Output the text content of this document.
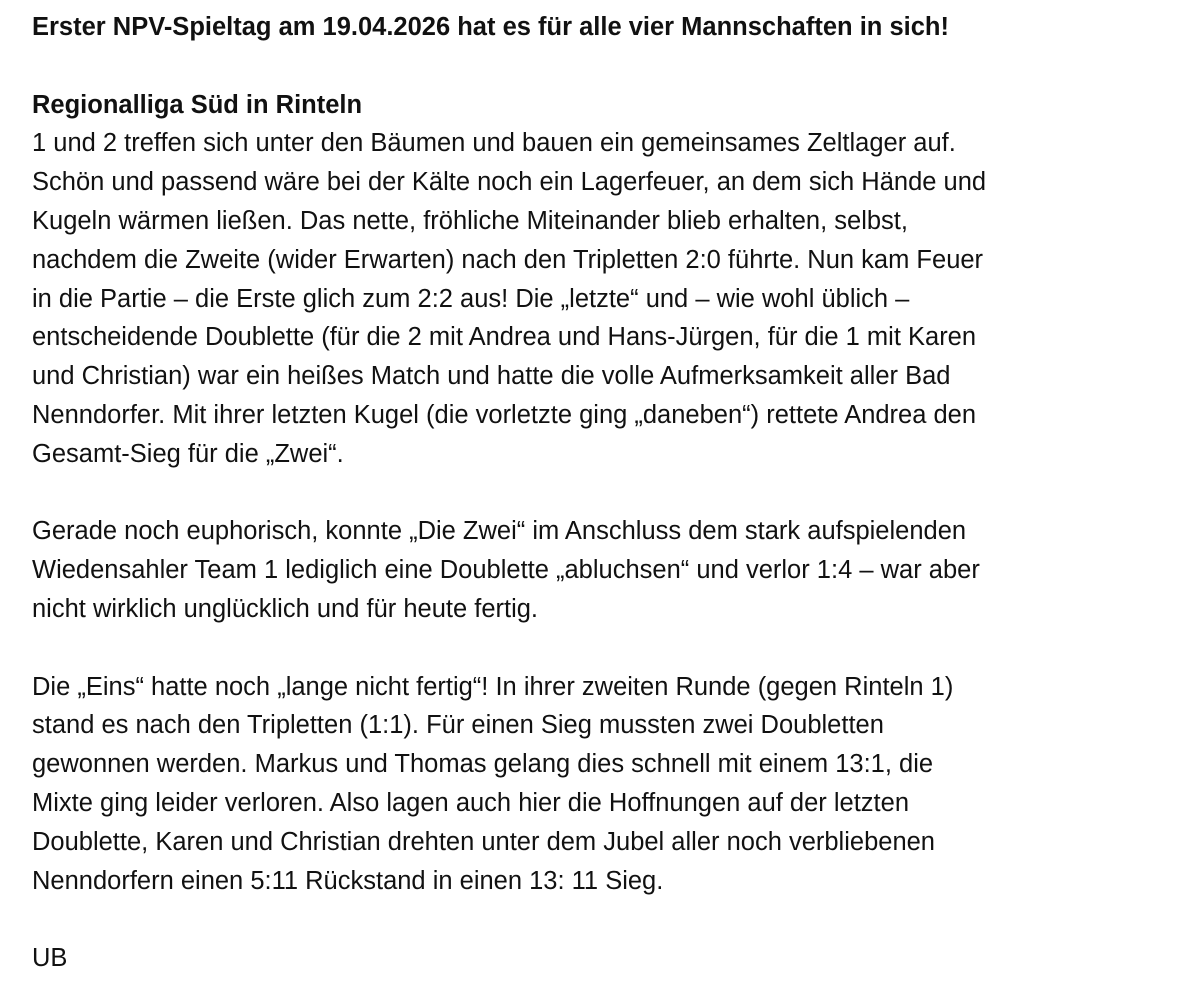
Erster NPV-Spieltag am 19.04.2026 hat es für alle vier Mannschaften in sich!
Regionalliga Süd in Rinteln

1 und 2 treffen sich unter den Bäumen und bauen ein gemeinsames Zeltlager auf.
Schön und passend wäre bei der Kälte noch ein Lagerfeuer, an dem sich Hände und
Kugeln wärmen ließen. Das nette, fröhliche Miteinander blieb erhalten, selbst,
nachdem die Zweite (wider Erwarten) nach den Tripletten 2:0 führte. Nun kam Feuer
in die Partie – die Erste glich zum 2:2 aus! Die „letzte“ und – wie wohl üblich –
entscheidende Doublette (für die 2 mit Andrea und Hans-Jürgen, für die 1 mit Karen
und Christian) war ein heißes Match und hatte die volle Aufmerksamkeit aller Bad
Nenndorfer. Mit ihrer letzten Kugel (die vorletzte ging „daneben“) rettete Andrea den
Gesamt-Sieg für die „Zwei“.

Gerade noch euphorisch, konnte „Die Zwei“ im Anschluss dem stark aufspielenden
Wiedensahler Team 1 lediglich eine Doublette „abluchsen“ und verlor 1:4 – war aber
nicht wirklich unglücklich und für heute fertig.

Die „Eins“ hatte noch „lange nicht fertig“! In ihrer zweiten Runde (gegen Rinteln 1)
stand es nach den Tripletten (1:1). Für einen Sieg mussten zwei Doubletten
gewonnen werden. Markus und Thomas gelang dies schnell mit einem 13:1, die
Mixte ging leider verloren. Also lagen auch hier die Hoffnungen auf der letzten
Doublette, Karen und Christian drehten unter dem Jubel aller noch verbliebenen
Nenndorfern einen 5:11 Rückstand in einen 13: 11 Sieg.

UB
